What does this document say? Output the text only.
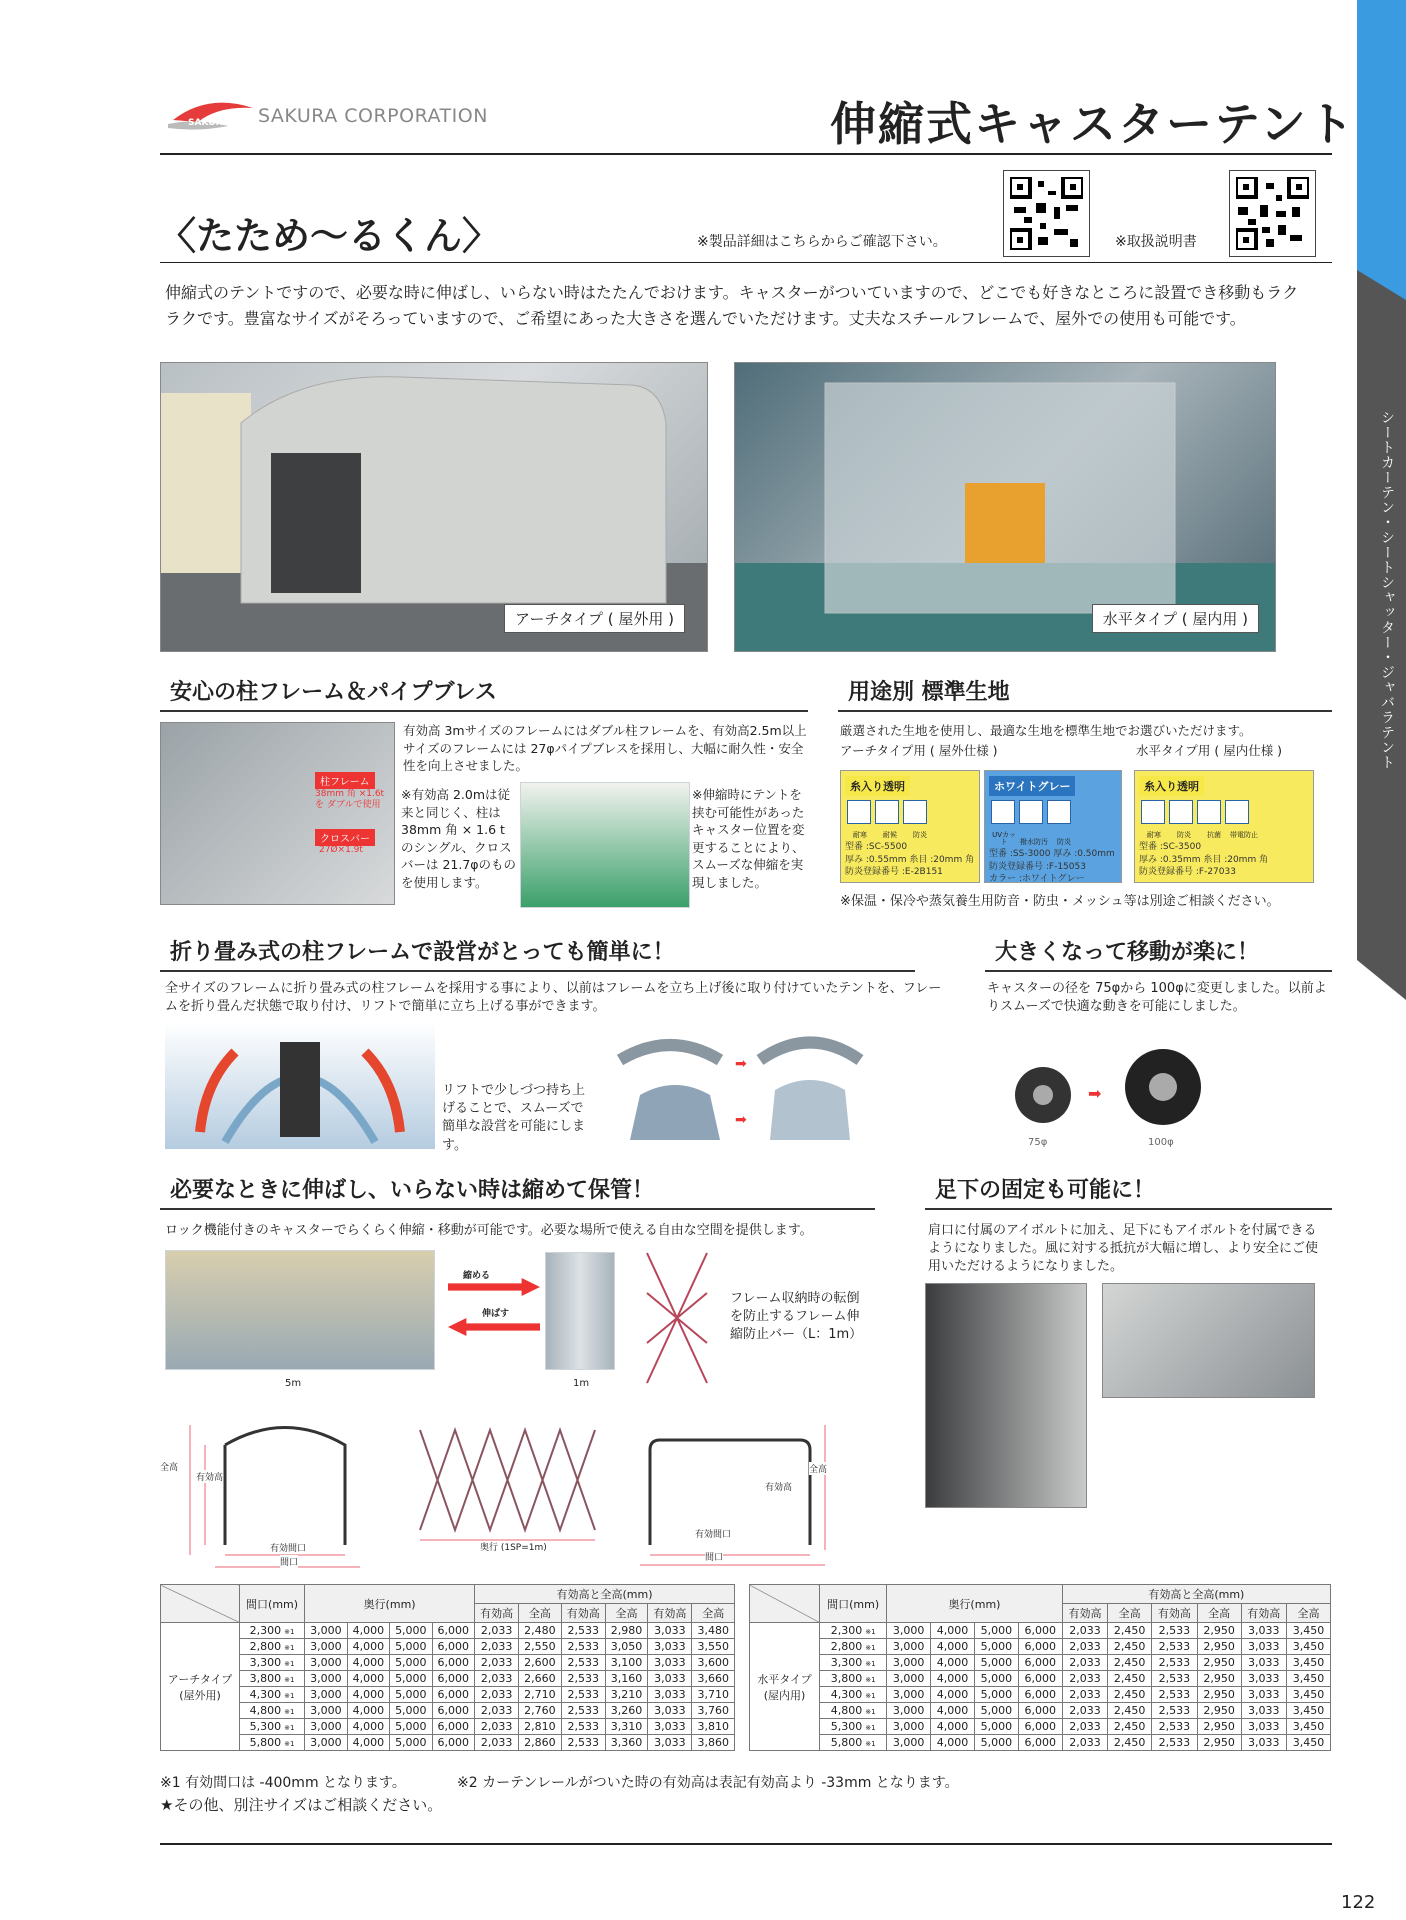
シートカーテン・シートシャッター・ジャバラテント
SAKURA SAKURA CORPORATION	伸縮式キャスターテント
〈たため〜るくん〉	※製品詳細はこちらからご確認下さい。	※取扱説明書
伸縮式のテントですので、必要な時に伸ばし、いらない時はたたんでおけます。キャスターがついていますので、どこでも好きなところに設置でき移動もラクラクです。豊富なサイズがそろっていますので、ご希望にあった大きさを選んでいただけます。丈夫なスチールフレームで、屋外での使用も可能です。
アーチタイプ ( 屋外用 )	水平タイプ ( 屋内用 )
安心の柱フレーム＆パイプブレス
柱フレーム
38mm 角 ×1.6t を ダブルで使用
クロスバー
27Ø×1.9t
有効高 3mサイズのフレームにはダブル柱フレームを、有効高2.5m以上サイズのフレームには 27φパイプブレスを採用し、大幅に耐久性・安全性を向上させました。
※有効高 2.0mは従来と同じく、柱は 38mm 角 × 1.6 t のシングル、クロスバーは 21.7φのものを使用します。
※伸縮時にテントを挟む可能性があったキャスター位置を変更することにより、スムーズな伸縮を実現しました。
用途別 標準生地
厳選された生地を使用し、最適な生地を標準生地でお選びいただけます。
アーチタイプ用 ( 屋外仕様 )	水平タイプ用 ( 屋内仕様 )
糸入り透明
耐寒 耐候 防炎
型番 :SC-5500
厚み :0.55mm 糸目 :20mm 角
防炎登録番号 :E-2B151
ホワイトグレー
UVカット 撥水防汚 防炎
型番 :SS-3000 厚み :0.50mm
防炎登録番号 :F-15053
カラー :ホワイトグレー
糸入り透明
耐寒 防炎 抗菌 帯電防止
型番 :SC-3500
厚み :0.35mm 糸目 :20mm 角
防炎登録番号 :F-27033
※保温・保冷や蒸気養生用防音・防虫・メッシュ等は別途ご相談ください。
折り畳み式の柱フレームで設営がとっても簡単に！
全サイズのフレームに折り畳み式の柱フレームを採用する事により、以前はフレームを立ち上げ後に取り付けていたテントを、フレームを折り畳んだ状態で取り付け、リフトで簡単に立ち上げる事ができます。
リフトで少しづつ持ち上げることで、スムーズで簡単な設営を可能にします。
➡
➡
大きくなって移動が楽に！
キャスターの径を 75φから 100φに変更しました。以前よりスムーズで快適な動きを可能にしました。
➡
75φ	100φ
必要なときに伸ばし、いらない時は縮めて保管！
ロック機能付きのキャスターでらくらく伸縮・移動が可能です。必要な場所で使える自由な空間を提供します。
5m
縮める
伸ばす
1m
フレーム収納時の転倒を防止するフレーム伸縮防止バー（L：1m）
全高
有効高
有効間口
間口
奥行 (1SP=1m)
全高
有効高
有効間口
間口
足下の固定も可能に！
肩口に付属のアイボルトに加え、足下にもアイボルトを付属できるようになりました。風に対する抵抗が大幅に増し、より安全にご使用いただけるようになりました。
	間口(mm)	奥行(mm)				有効高と全高(mm)					
						有効高	全高	有効高	全高	有効高	全高

アーチタイプ
(屋外用)	2,300 ※1	3,000	4,000	5,000	6,000	2,033	2,480	2,533	2,980	3,033	3,480
	2,800 ※1	3,000	4,000	5,000	6,000	2,033	2,550	2,533	3,050	3,033	3,550
	3,300 ※1	3,000	4,000	5,000	6,000	2,033	2,600	2,533	3,100	3,033	3,600
	3,800 ※1	3,000	4,000	5,000	6,000	2,033	2,660	2,533	3,160	3,033	3,660
	4,300 ※1	3,000	4,000	5,000	6,000	2,033	2,710	2,533	3,210	3,033	3,710
	4,800 ※1	3,000	4,000	5,000	6,000	2,033	2,760	2,533	3,260	3,033	3,760
	5,300 ※1	3,000	4,000	5,000	6,000	2,033	2,810	2,533	3,310	3,033	3,810
	5,800 ※1	3,000	4,000	5,000	6,000	2,033	2,860	2,533	3,360	3,033	3,860
	間口(mm)	奥行(mm)				有効高と全高(mm)					
						有効高	全高	有効高	全高	有効高	全高

水平タイプ
(屋内用)	2,300 ※1	3,000	4,000	5,000	6,000	2,033	2,450	2,533	2,950	3,033	3,450
	2,800 ※1	3,000	4,000	5,000	6,000	2,033	2,450	2,533	2,950	3,033	3,450
	3,300 ※1	3,000	4,000	5,000	6,000	2,033	2,450	2,533	2,950	3,033	3,450
	3,800 ※1	3,000	4,000	5,000	6,000	2,033	2,450	2,533	2,950	3,033	3,450
	4,300 ※1	3,000	4,000	5,000	6,000	2,033	2,450	2,533	2,950	3,033	3,450
	4,800 ※1	3,000	4,000	5,000	6,000	2,033	2,450	2,533	2,950	3,033	3,450
	5,300 ※1	3,000	4,000	5,000	6,000	2,033	2,450	2,533	2,950	3,033	3,450
	5,800 ※1	3,000	4,000	5,000	6,000	2,033	2,450	2,533	2,950	3,033	3,450
※1 有効間口は -400mm となります。	※2 カーテンレールがついた時の有効高は表記有効高より -33mm となります。
★その他、別注サイズはご相談ください。
122
